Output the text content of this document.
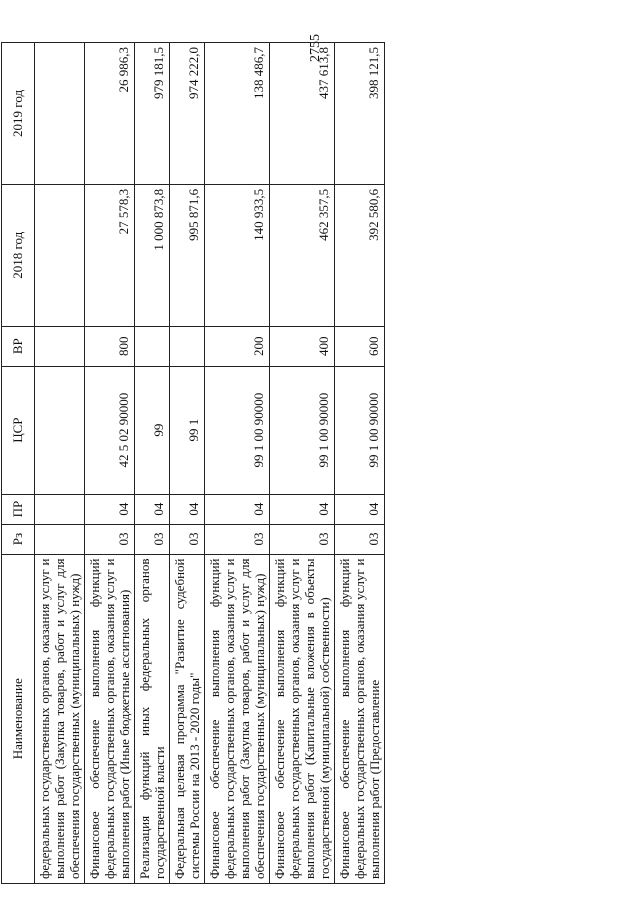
2755
Наименование	Рз	ПР	ЦСР	ВР	2018 год	2019 год
федеральных государственных органов, оказания услуг и выполнения работ (Закупка товаров, работ и услуг для обеспечения государственных (муниципальных) нужд)						
Финансовое обеспечение выполнения функций федеральных государственных органов, оказания услуг и выполнения работ (Иные бюджетные ассигнования)	03	04	42 5 02 90000	800	27 578,3	26 986,3
Реализация функций иных федеральных органов государственной власти	03	04	99		1 000 873,8	979 181,5
Федеральная целевая программа "Развитие судебной системы России на 2013 - 2020 годы"	03	04	99 1		995 871,6	974 222,0
Финансовое обеспечение выполнения функций федеральных государственных органов, оказания услуг и выполнения работ (Закупка товаров, работ и услуг для обеспечения государственных (муниципальных) нужд)	03	04	99 1 00 90000	200	140 933,5	138 486,7
Финансовое обеспечение выполнения функций федеральных государственных органов, оказания услуг и выполнения работ (Капитальные вложения в объекты государственной (муниципальной) собственности)	03	04	99 1 00 90000	400	462 357,5	437 613,8
Финансовое обеспечение выполнения функций федеральных государственных органов, оказания услуг и выполнения работ (Предоставление	03	04	99 1 00 90000	600	392 580,6	398 121,5
